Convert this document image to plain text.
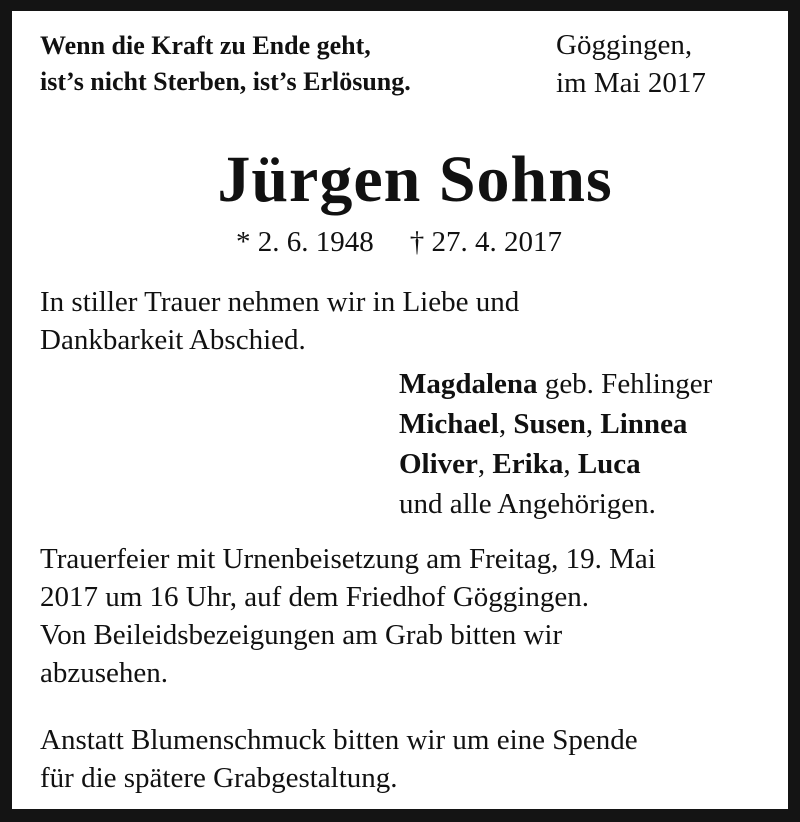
Wenn die Kraft zu Ende geht,
ist’s nicht Sterben, ist’s Erlösung.
Göggingen,
im Mai 2017
Jürgen Sohns
* 2. 6. 1948 † 27. 4. 2017
In stiller Trauer nehmen wir in Liebe und
Dankbarkeit Abschied.
Magdalena geb. Fehlinger
Michael, Susen, Linnea
Oliver, Erika, Luca
und alle Angehörigen.
Trauerfeier mit Urnenbeisetzung am Freitag, 19. Mai
2017 um 16 Uhr, auf dem Friedhof Göggingen.
Von Beileidsbezeigungen am Grab bitten wir
abzusehen.
Anstatt Blumenschmuck bitten wir um eine Spende
für die spätere Grabgestaltung.
